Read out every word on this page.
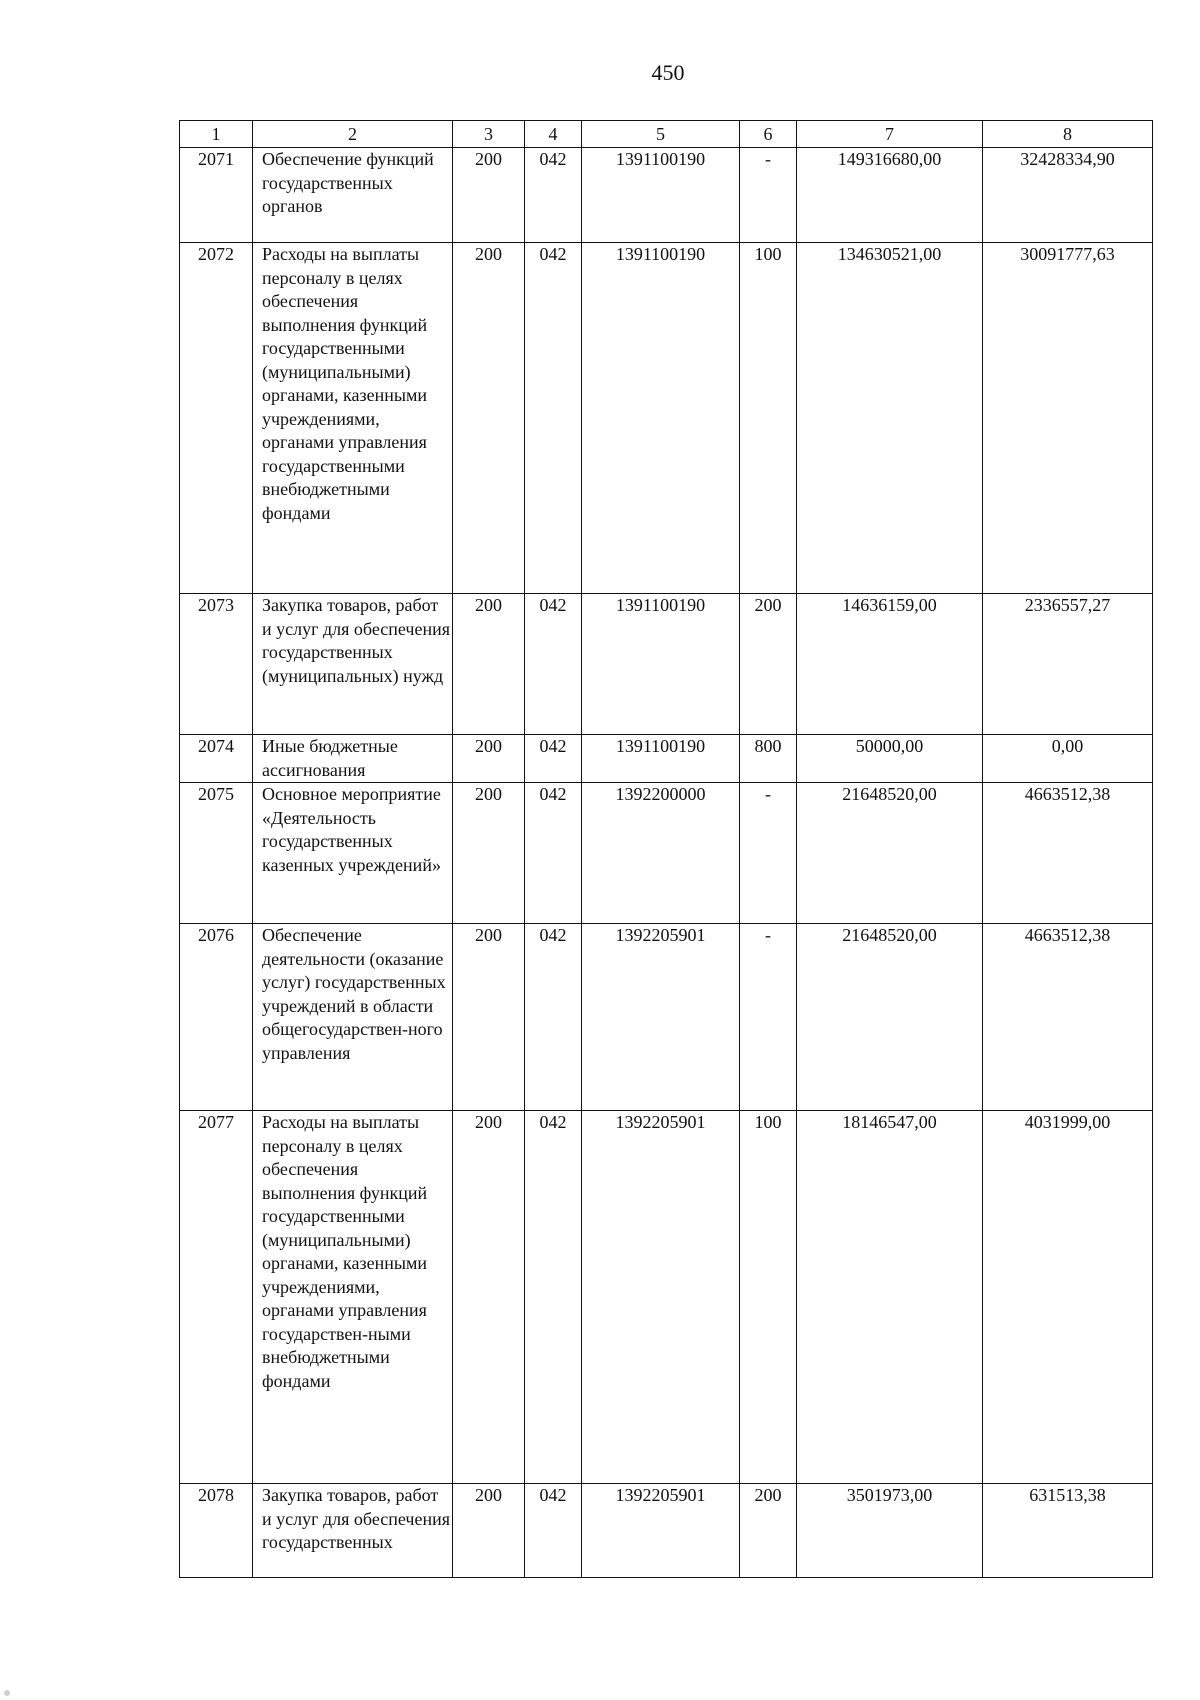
450
1	2	3	4	5	6	7	8
2071	Обеспечение функций государственных органов	200	042	1391100190	-	149316680,00	32428334,90
2072	Расходы на выплаты персоналу в целях обеспечения выполнения функций государственными (муниципальными) органами, казенными учреждениями, органами управления государственными внебюджетными фондами	200	042	1391100190	100	134630521,00	30091777,63
2073	Закупка товаров, работ и услуг для обеспечения государственных (муниципальных) нужд	200	042	1391100190	200	14636159,00	2336557,27
2074	Иные бюджетные ассигнования	200	042	1391100190	800	50000,00	0,00
2075	Основное мероприятие «Деятельность государственных казенных учреждений»	200	042	1392200000	-	21648520,00	4663512,38
2076	Обеспечение деятельности (оказание услуг) государственных учреждений в области общегосударствен-ного управления	200	042	1392205901	-	21648520,00	4663512,38
2077	Расходы на выплаты персоналу в целях обеспечения выполнения функций государственными (муниципальными) органами, казенными учреждениями, органами управления государствен-ными внебюджетными фондами	200	042	1392205901	100	18146547,00	4031999,00
2078	Закупка товаров, работ и услуг для обеспечения государственных	200	042	1392205901	200	3501973,00	631513,38
